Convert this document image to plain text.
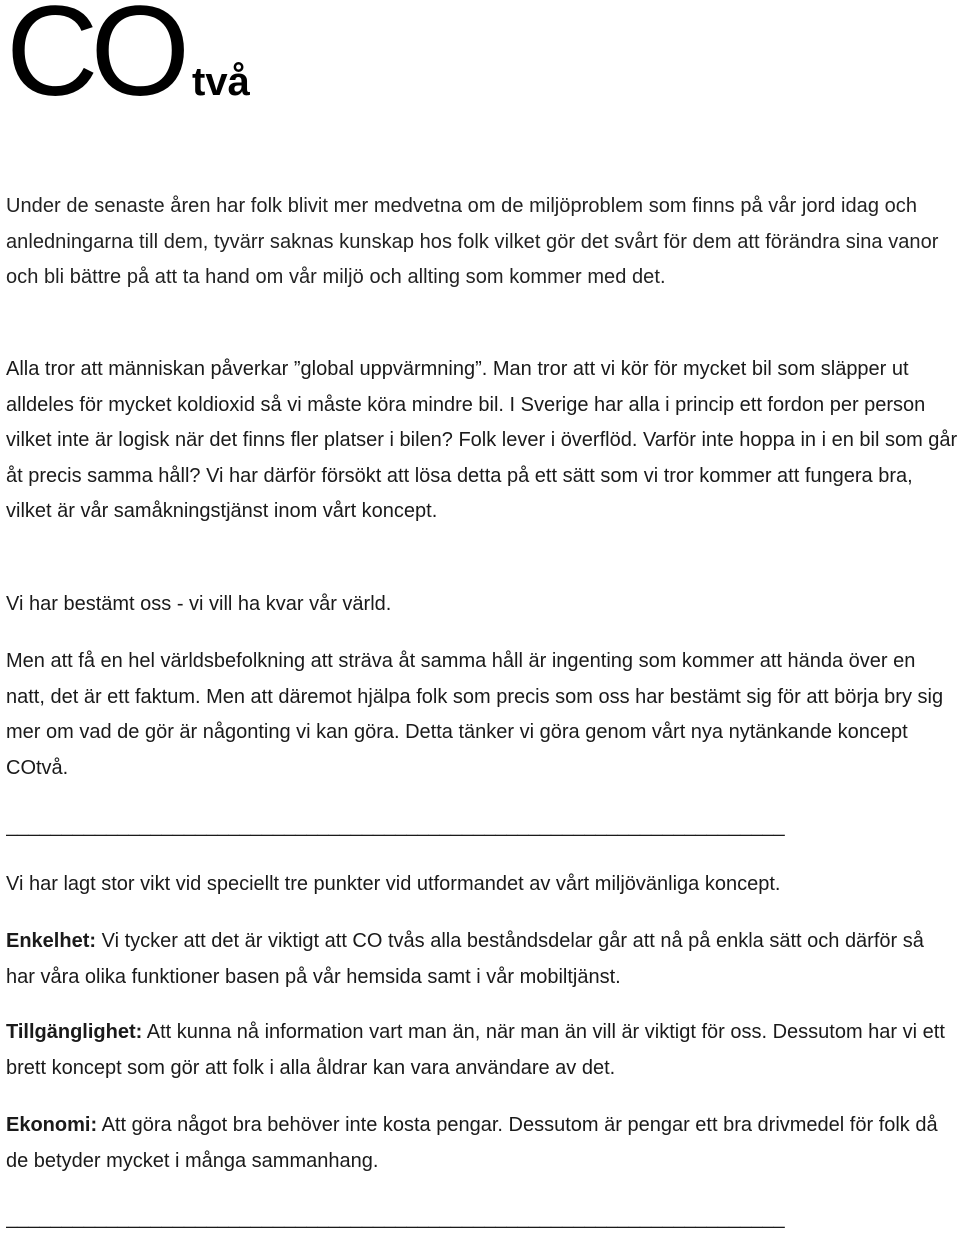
CO två

Under de senaste åren har folk blivit mer medvetna om de miljöproblem som finns på vår jord idag och anledningarna till dem, tyvärr saknas kunskap hos folk vilket gör det svårt för dem att förändra sina vanor och bli bättre på att ta hand om vår miljö och allting som kommer med det.

Alla tror att människan påverkar ”global uppvärmning”. Man tror att vi kör för mycket bil som släpper ut alldeles för mycket koldioxid så vi måste köra mindre bil. I Sverige har alla i princip ett fordon per person vilket inte är logisk när det finns fler platser i bilen? Folk lever i överflöd. Varför inte hoppa in i en bil som går åt precis samma håll? Vi har därför försökt att lösa detta på ett sätt som vi tror kommer att fungera bra, vilket är vår samåkningstjänst inom vårt koncept.

Vi har bestämt oss - vi vill ha kvar vår värld.

Men att få en hel världsbefolkning att sträva åt samma håll är ingenting som kommer att hända över en natt, det är ett faktum. Men att däremot hjälpa folk som precis som oss har bestämt sig för att börja bry sig mer om vad de gör är någonting vi kan göra. Detta tänker vi göra genom vårt nya nytänkande koncept COtvå.

______________________________________________________________________

Vi har lagt stor vikt vid speciellt tre punkter vid utformandet av vårt miljövänliga koncept.

Enkelhet: Vi tycker att det är viktigt att CO tvås alla beståndsdelar går att nå på enkla sätt och därför så har våra olika funktioner basen på vår hemsida samt i vår mobiltjänst.

Tillgänglighet: Att kunna nå information vart man än, när man än vill är viktigt för oss. Dessutom har vi ett brett koncept som gör att folk i alla åldrar kan vara användare av det.

Ekonomi: Att göra något bra behöver inte kosta pengar. Dessutom är pengar ett bra drivmedel för folk då de betyder mycket i många sammanhang.

______________________________________________________________________
